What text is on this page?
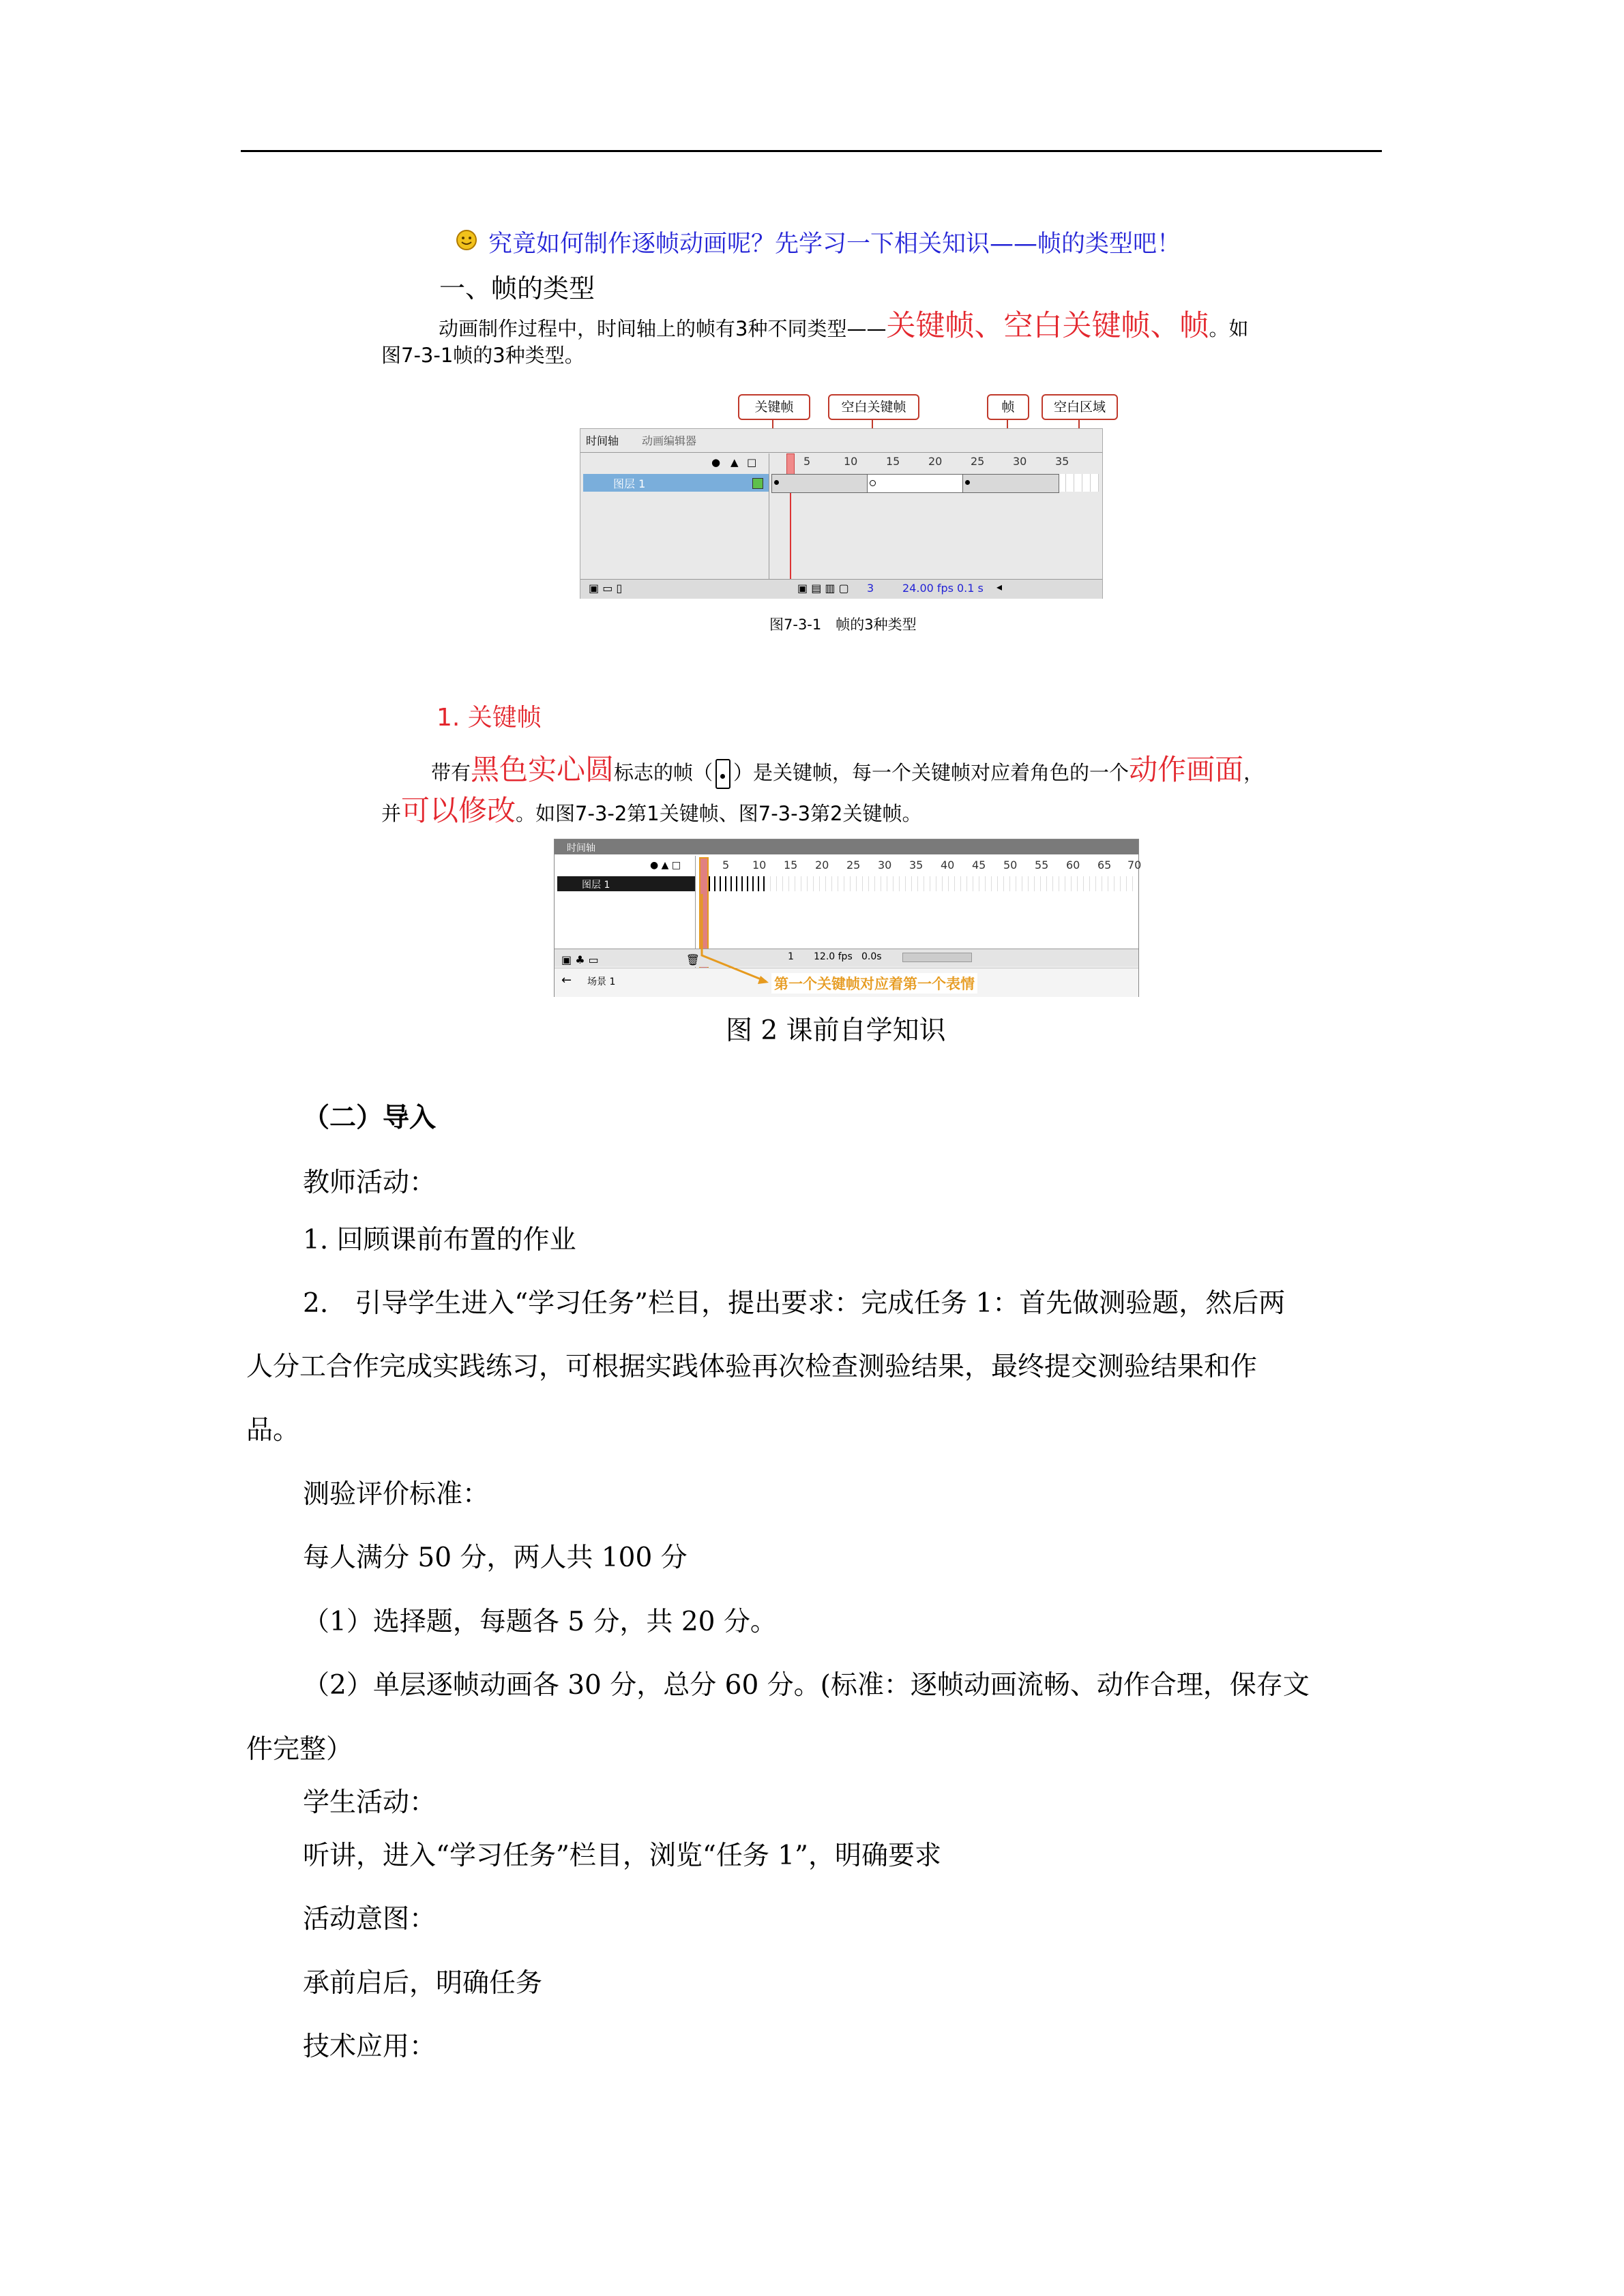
究竟如何制作逐帧动画呢？先学习一下相关知识——帧的类型吧！
一、帧的类型
动画制作过程中，时间轴上的帧有3种不同类型——关键帧、空白关键帧、帧。如
图7-3-1帧的3种类型。
关键帧	空白关键帧	帧	空白区域
时间轴 动画编辑器
● ▲ □	5	10	15	20	25	30	35
图层 1
▣ ▭ ▯	▣ ▤ ▥ ▢ 3	24.00 fps 0.1 s ◂
图7-3-1　帧的3种类型
1. 关键帧
带有黑色实心圆标志的帧（ ）是关键帧，每一个关键帧对应着角色的一个动作画面，
并可以修改。如图7-3-2第1关键帧、图7-3-3第2关键帧。
时间轴
● ▲ □	5 10 15 20 25 30 35 40 45 50 55 60 65 70
图层 1
▣ ♣ ▭　　　　　　　　🗑	1 12.0 fps 0.0s
← 场景 1	第一个关键帧对应着第一个表情
图 2 课前自学知识
（二）导入
教师活动：
1. 回顾课前布置的作业
2.　引导学生进入“学习任务”栏目，提出要求：完成任务 1：首先做测验题，然后两
人分工合作完成实践练习，可根据实践体验再次检查测验结果，最终提交测验结果和作
品。
测验评价标准：
每人满分 50 分，两人共 100 分
（1）选择题，每题各 5 分，共 20 分。
（2）单层逐帧动画各 30 分，总分 60 分。(标准：逐帧动画流畅、动作合理，保存文
件完整）
学生活动：
听讲，进入“学习任务”栏目，浏览“任务 1”，明确要求
活动意图：
承前启后，明确任务
技术应用：
